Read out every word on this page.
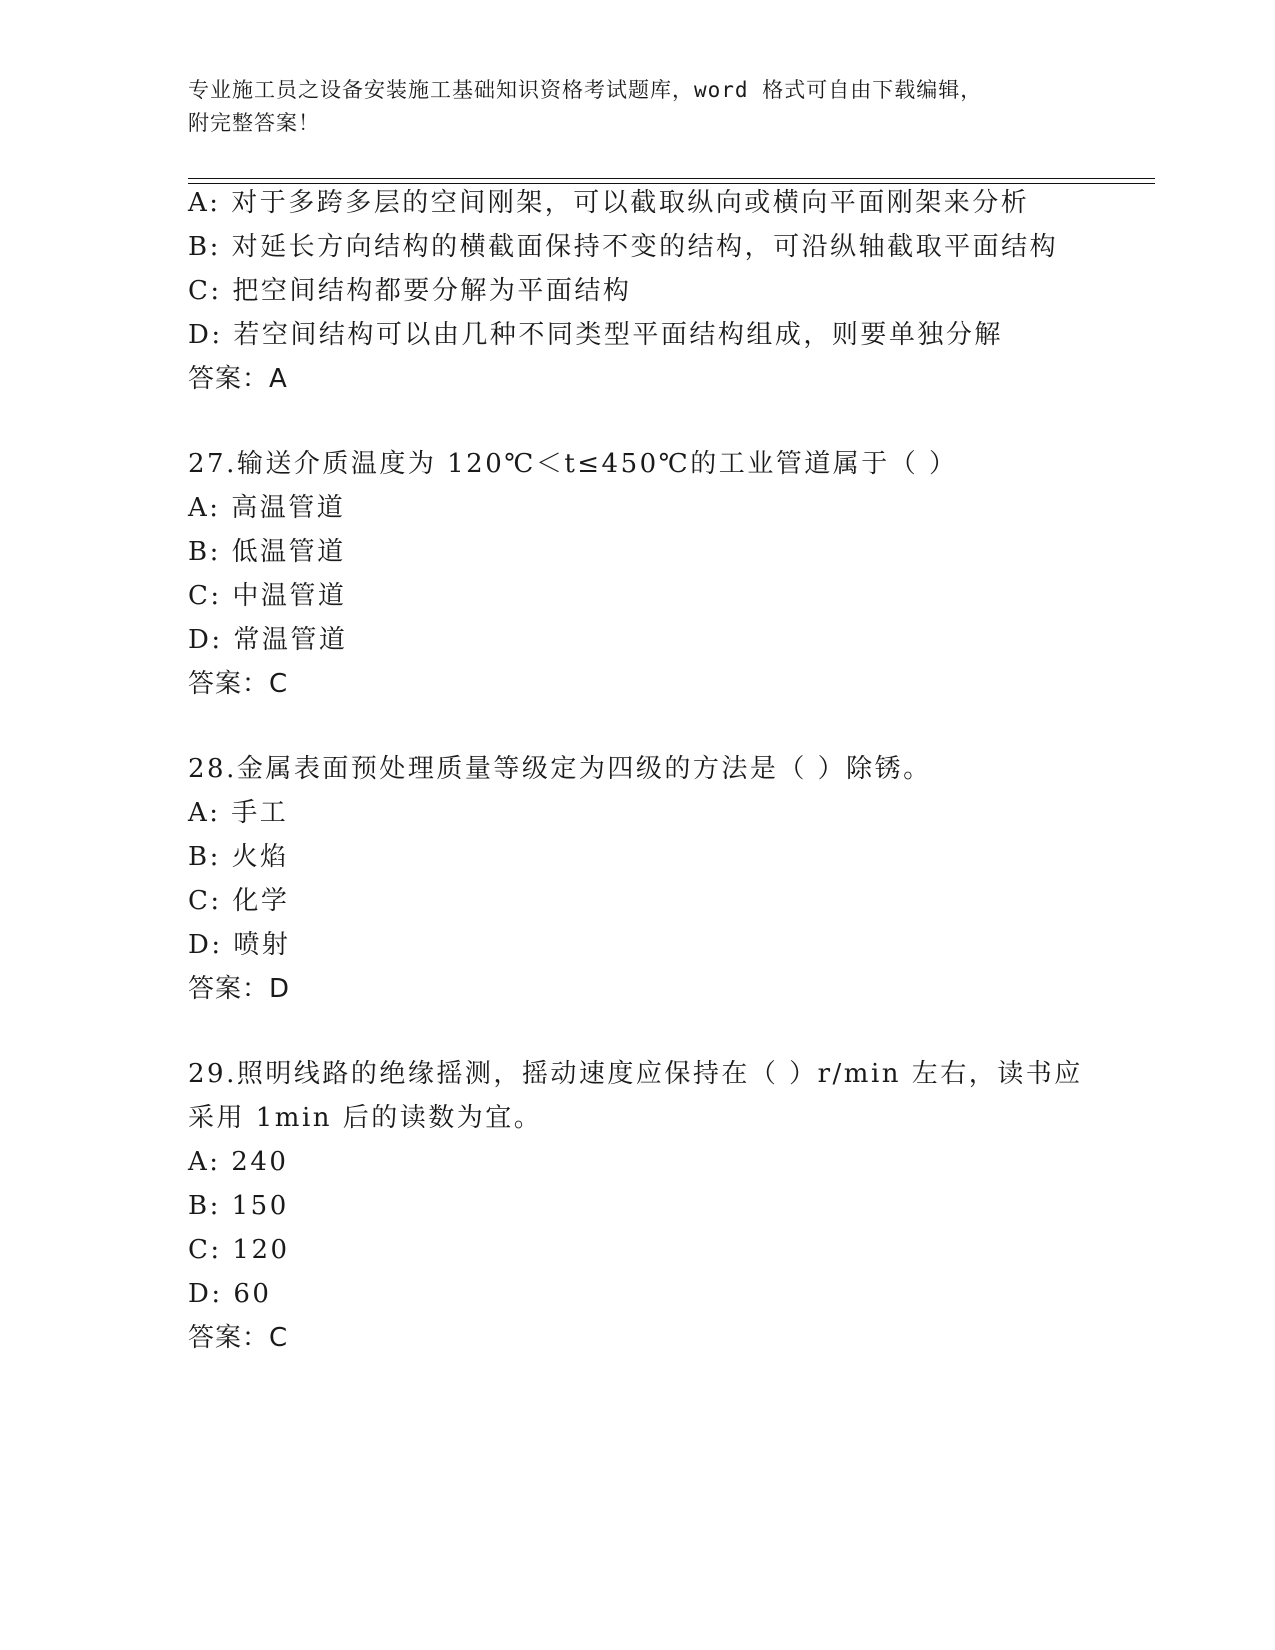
专业施工员之设备安装施工基础知识资格考试题库，word 格式可自由下载编辑，
附完整答案！
A: 对于多跨多层的空间刚架，可以截取纵向或横向平面刚架来分析
B: 对延长方向结构的横截面保持不变的结构，可沿纵轴截取平面结构
C: 把空间结构都要分解为平面结构
D: 若空间结构可以由几种不同类型平面结构组成，则要单独分解
答案：A
27.输送介质温度为 120℃＜t≤450℃的工业管道属于（ ）
A: 高温管道
B: 低温管道
C: 中温管道
D: 常温管道
答案：C
28.金属表面预处理质量等级定为四级的方法是（ ）除锈。
A: 手工
B: 火焰
C: 化学
D: 喷射
答案：D
29.照明线路的绝缘摇测，摇动速度应保持在（ ）r/min 左右，读书应
采用 1min 后的读数为宜。
A: 240
B: 150
C: 120
D: 60
答案：C
